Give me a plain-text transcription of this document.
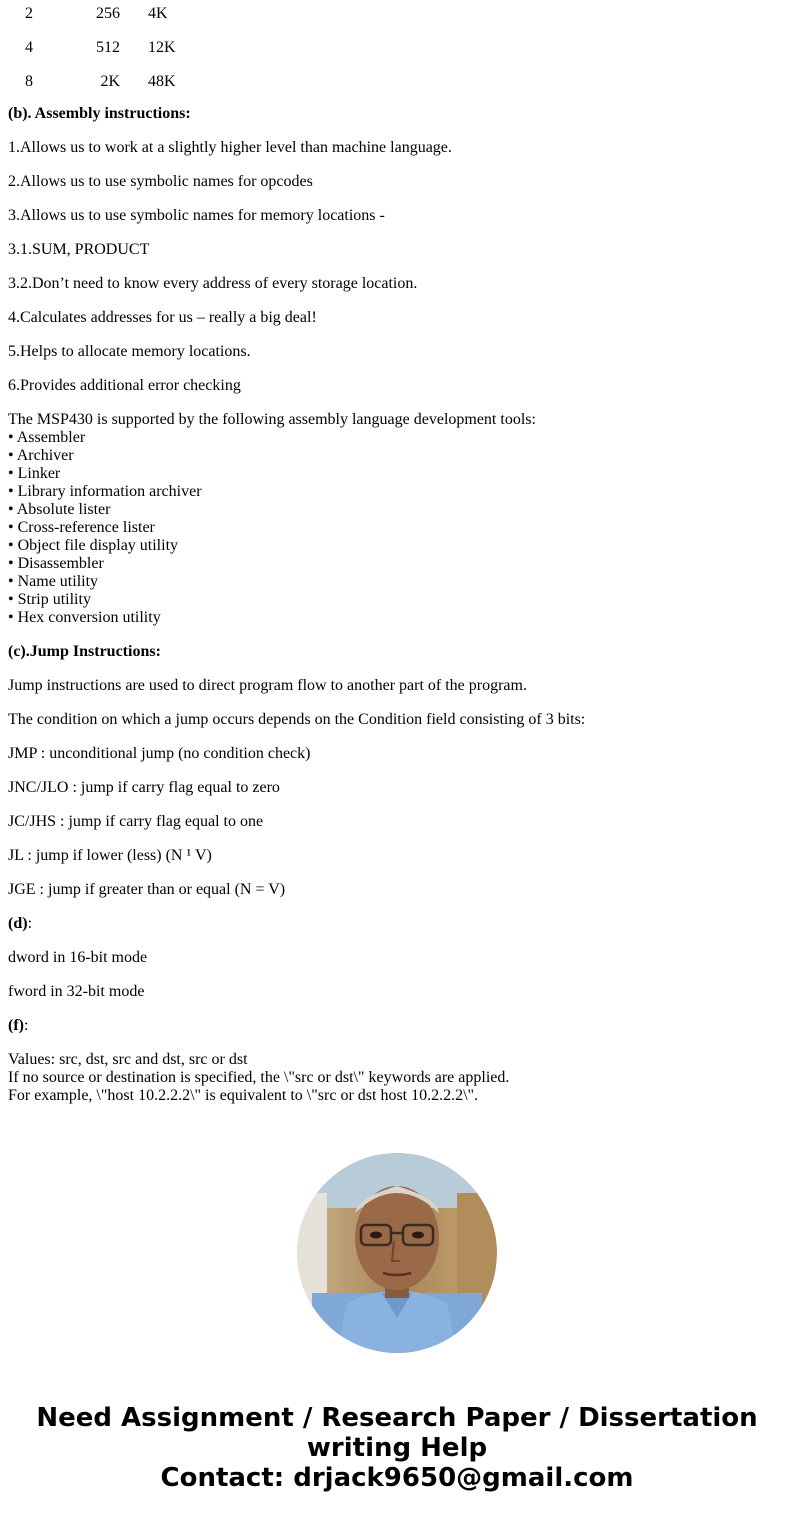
2	256 4K
4	512 12K
8	2K 48K

(b). Assembly instructions:

1.Allows us to work at a slightly higher level than machine language.

2.Allows us to use symbolic names for opcodes

3.Allows us to use symbolic names for memory locations -

3.1.SUM, PRODUCT

3.2.Don’t need to know every address of every storage location.

4.Calculates addresses for us – really a big deal!

5.Helps to allocate memory locations.

6.Provides additional error checking

The MSP430 is supported by the following assembly language development tools:
• Assembler
• Archiver
• Linker
• Library information archiver
• Absolute lister
• Cross-reference lister
• Object file display utility
• Disassembler
• Name utility
• Strip utility
• Hex conversion utility

(c).Jump Instructions:

Jump instructions are used to direct program flow to another part of the program.

The condition on which a jump occurs depends on the Condition field consisting of 3 bits:

JMP : unconditional jump (no condition check)

JNC/JLO : jump if carry flag equal to zero

JC/JHS : jump if carry flag equal to one

JL : jump if lower (less) (N ¹ V)

JGE : jump if greater than or equal (N = V)

(d):

dword in 16-bit mode

fword in 32-bit mode

(f):

Values: src, dst, src and dst, src or dst
If no source or destination is specified, the \"src or dst\" keywords are applied.
For example, \"host 10.2.2.2\" is equivalent to \"src or dst host 10.2.2.2\".
Need Assignment / Research Paper / Dissertation
writing Help
Contact: drjack9650@gmail.com
